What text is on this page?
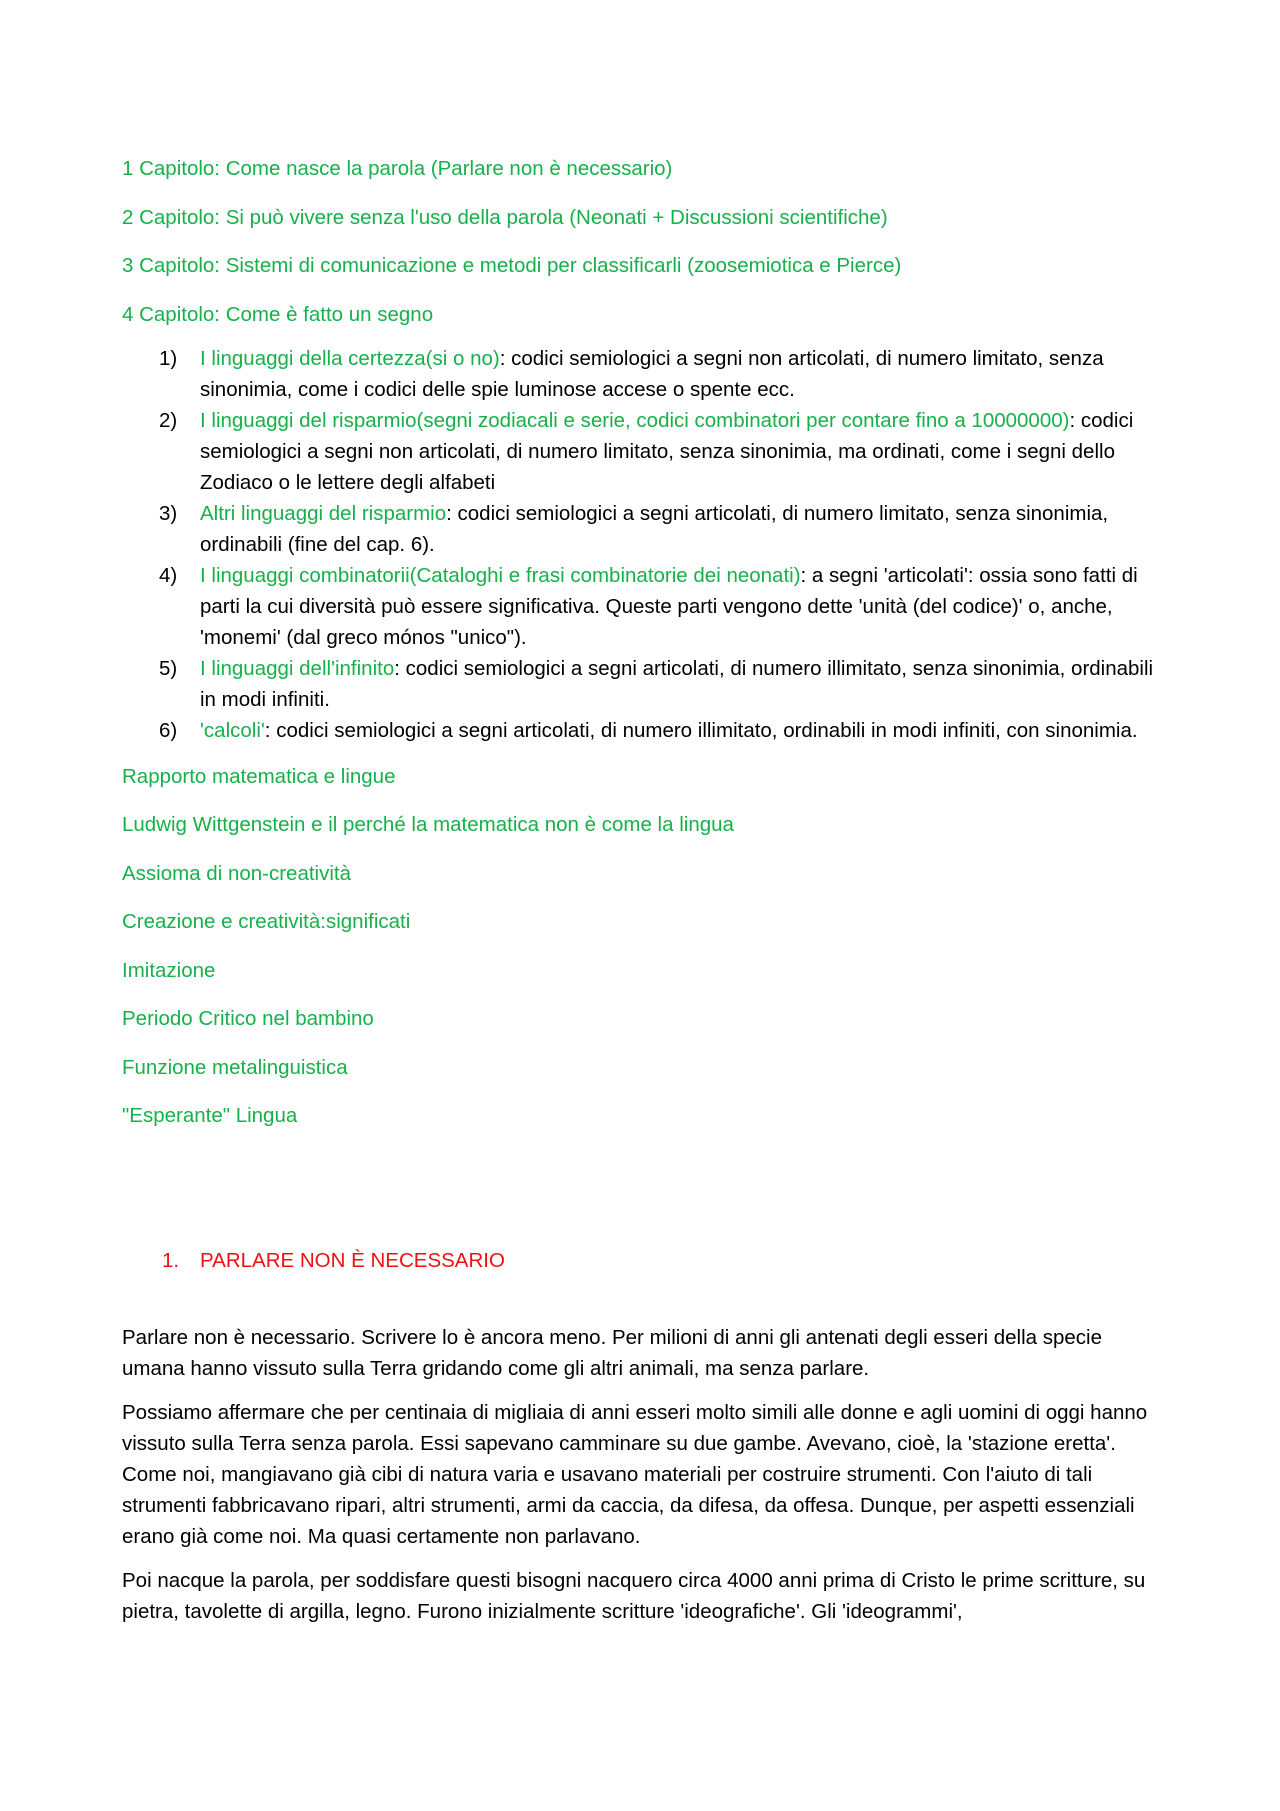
1 Capitolo: Come nasce la parola (Parlare non è necessario)

2 Capitolo: Si può vivere senza l'uso della parola (Neonati + Discussioni scientifiche)

3 Capitolo: Sistemi di comunicazione e metodi per classificarli (zoosemiotica e Pierce)

4 Capitolo: Come è fatto un segno

1) I linguaggi della certezza(si o no): codici semiologici a segni non articolati, di numero limitato, senza sinonimia, come i codici delle spie luminose accese o spente ecc.
2) I linguaggi del risparmio(segni zodiacali e serie, codici combinatori per contare fino a 10000000): codici semiologici a segni non articolati, di numero limitato, senza sinonimia, ma ordinati, come i segni dello Zodiaco o le lettere degli alfabeti
3) Altri linguaggi del risparmio: codici semiologici a segni articolati, di numero limitato, senza sinonimia, ordinabili (fine del cap. 6).
4) I linguaggi combinatorii(Cataloghi e frasi combinatorie dei neonati): a segni 'articolati': ossia sono fatti di parti la cui diversità può essere significativa. Queste parti vengono dette 'unità (del codice)' o, anche, 'monemi' (dal greco mónos "unico").
5) I linguaggi dell'infinito: codici semiologici a segni articolati, di numero illimitato, senza sinonimia, ordinabili in modi infiniti.
6) 'calcoli': codici semiologici a segni articolati, di numero illimitato, ordinabili in modi infiniti, con sinonimia.

Rapporto matematica e lingue

Ludwig Wittgenstein e il perché la matematica non è come la lingua

Assioma di non-creatività

Creazione e creatività:significati

Imitazione

Periodo Critico nel bambino

Funzione metalinguistica

"Esperante" Lingua

1. PARLARE NON È NECESSARIO

Parlare non è necessario. Scrivere lo è ancora meno. Per milioni di anni gli antenati degli esseri della specie umana hanno vissuto sulla Terra gridando come gli altri animali, ma senza parlare.

Possiamo affermare che per centinaia di migliaia di anni esseri molto simili alle donne e agli uomini di oggi hanno vissuto sulla Terra senza parola. Essi sapevano camminare su due gambe. Avevano, cioè, la 'stazione eretta'. Come noi, mangiavano già cibi di natura varia e usavano materiali per costruire strumenti. Con l'aiuto di tali strumenti fabbricavano ripari, altri strumenti, armi da caccia, da difesa, da offesa. Dunque, per aspetti essenziali erano già come noi. Ma quasi certamente non parlavano.

Poi nacque la parola, per soddisfare questi bisogni nacquero circa 4000 anni prima di Cristo le prime scritture, su pietra, tavolette di argilla, legno. Furono inizialmente scritture 'ideografiche'. Gli 'ideogrammi',
